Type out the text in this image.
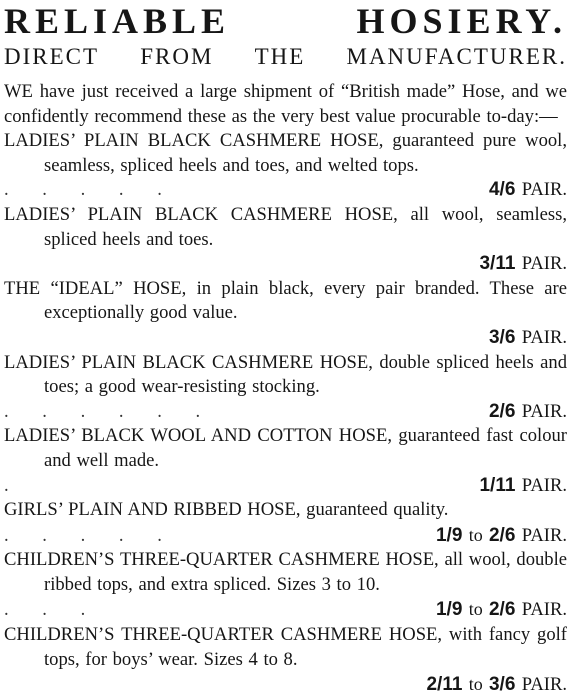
RELIABLE	HOSIERY.
DIRECT FROM THE MANUFACTURER.
WE have just received a large shipment of “British made” Hose, and we confidently recommend these as the very best value procurable to-day:—
LADIES’ PLAIN BLACK CASHMERE HOSE, guaranteed pure wool, seamless, spliced heels and toes, and welted tops.
. . . . .	4/6 PAIR.
LADIES’ PLAIN BLACK CASHMERE HOSE, all wool, seamless, spliced heels and toes.

3/11 PAIR.
THE “IDEAL” HOSE, in plain black, every pair branded. These are exceptionally good value.

3/6 PAIR.
LADIES’ PLAIN BLACK CASHMERE HOSE, double spliced heels and toes; a good wear-resisting stocking.
. . . . . .	2/6 PAIR.
LADIES’ BLACK WOOL AND COTTON HOSE, guaranteed fast colour and well made.
.	1/11 PAIR.
GIRLS’ PLAIN AND RIBBED HOSE, guaranteed quality.
. . . . .	1/9 to 2/6 PAIR.
CHILDREN’S THREE-QUARTER CASHMERE HOSE, all wool, double ribbed tops, and extra spliced. Sizes 3 to 10.
. . .	1/9 to 2/6 PAIR.
CHILDREN’S THREE-QUARTER CASHMERE HOSE, with fancy golf tops, for boys’ wear. Sizes 4 to 8.

2/11 to 3/6 PAIR.
